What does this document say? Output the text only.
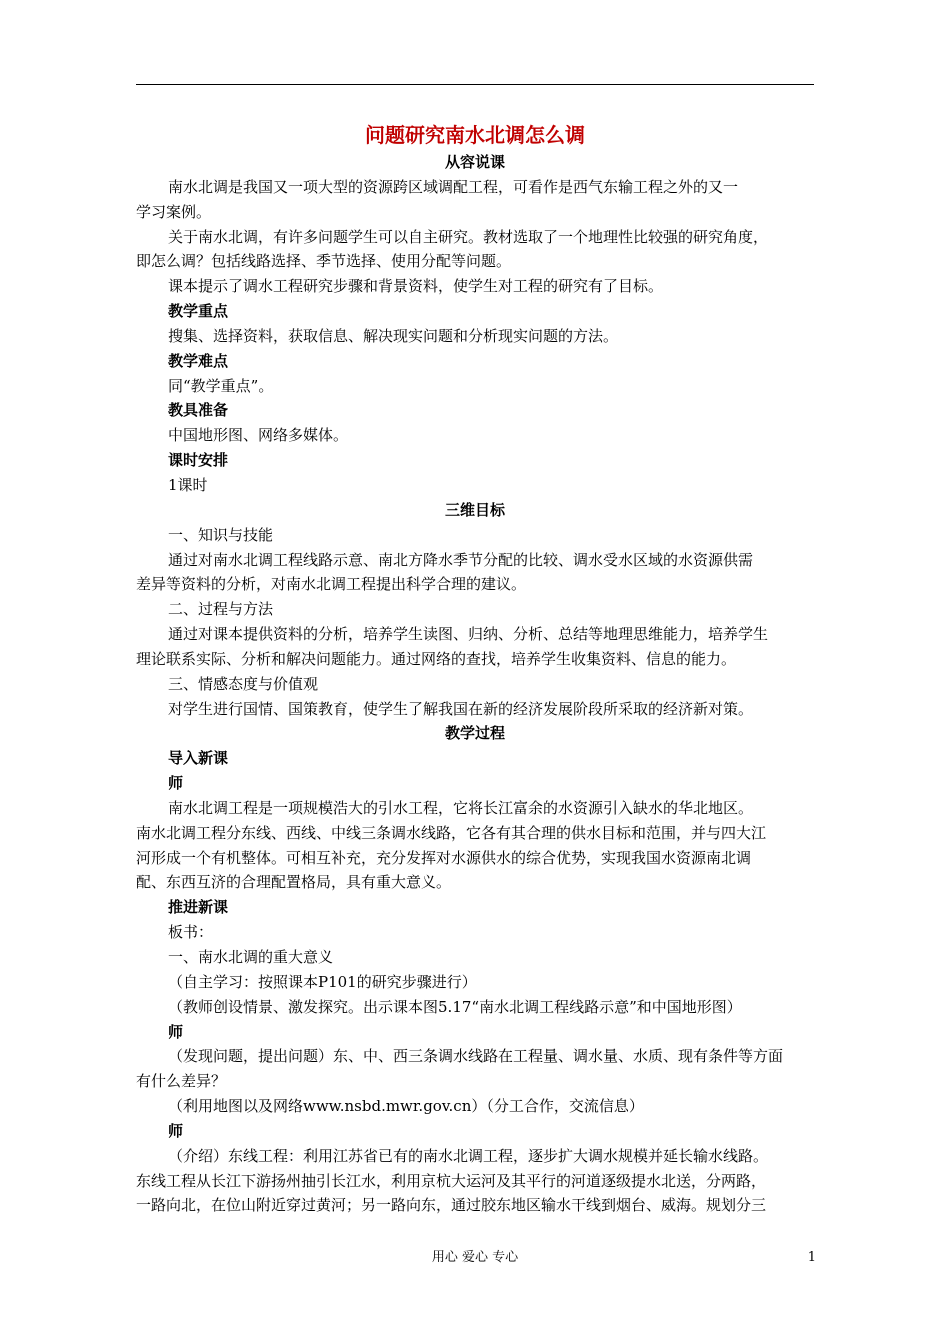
问题研究南水北调怎么调

从容说课

南水北调是我国又一项大型的资源跨区域调配工程，可看作是西气东输工程之外的又一

学习案例。

关于南水北调，有许多问题学生可以自主研究。教材选取了一个地理性比较强的研究角度，

即怎么调？包括线路选择、季节选择、使用分配等问题。

课本提示了调水工程研究步骤和背景资料，使学生对工程的研究有了目标。

教学重点

搜集、选择资料，获取信息、解决现实问题和分析现实问题的方法。

教学难点

同“教学重点”。

教具准备

中国地形图、网络多媒体。

课时安排

1课时

三维目标

一、知识与技能

通过对南水北调工程线路示意、南北方降水季节分配的比较、调水受水区域的水资源供需

差异等资料的分析，对南水北调工程提出科学合理的建议。

二、过程与方法

通过对课本提供资料的分析，培养学生读图、归纳、分析、总结等地理思维能力，培养学生

理论联系实际、分析和解决问题能力。通过网络的查找，培养学生收集资料、信息的能力。

三、情感态度与价值观

对学生进行国情、国策教育，使学生了解我国在新的经济发展阶段所采取的经济新对策。

教学过程

导入新课

师

南水北调工程是一项规模浩大的引水工程，它将长江富余的水资源引入缺水的华北地区。

南水北调工程分东线、西线、中线三条调水线路，它各有其合理的供水目标和范围，并与四大江

河形成一个有机整体。可相互补充，充分发挥对水源供水的综合优势，实现我国水资源南北调

配、东西互济的合理配置格局，具有重大意义。

推进新课

板书：

一、南水北调的重大意义

（自主学习：按照课本P101的研究步骤进行）

（教师创设情景、激发探究。出示课本图5.17“南水北调工程线路示意”和中国地形图）

师

（发现问题，提出问题）东、中、西三条调水线路在工程量、调水量、水质、现有条件等方面

有什么差异？

（利用地图以及网络www.nsbd.mwr.gov.cn）（分工合作，交流信息）

师

（介绍）东线工程：利用江苏省已有的南水北调工程，逐步扩大调水规模并延长输水线路。

东线工程从长江下游扬州抽引长江水，利用京杭大运河及其平行的河道逐级提水北送，分两路，

一路向北，在位山附近穿过黄河；另一路向东，通过胶东地区输水干线到烟台、威海。规划分三

用心 爱心 专心	1
